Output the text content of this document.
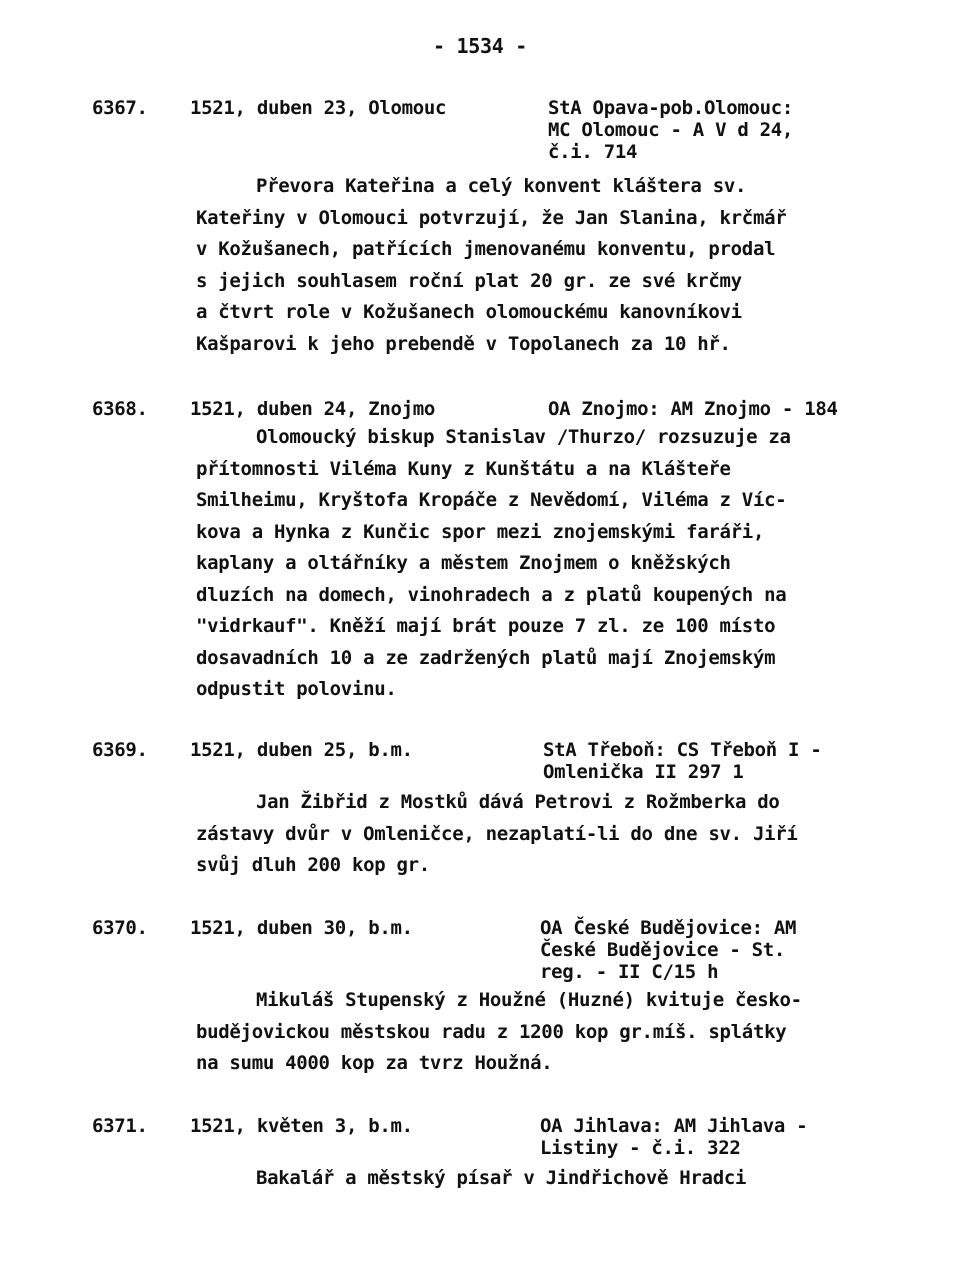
- 1534 -
6367. 1521, duben 23, Olomouc	StA Opava-pob.Olomouc:
MC Olomouc - A V d 24,
č.i. 714
Převora Kateřina a celý konvent kláštera sv.
Kateřiny v Olomouci potvrzují, že Jan Slanina, krčmář
v Kožušanech, patřících jmenovanému konventu, prodal
s jejich souhlasem roční plat 20 gr. ze své krčmy
a čtvrt role v Kožušanech olomouckému kanovníkovi
Kašparovi k jeho prebendě v Topolanech za 10 hř.
6368. 1521, duben 24, Znojmo	OA Znojmo: AM Znojmo - 184
Olomoucký biskup Stanislav /Thurzo/ rozsuzuje za
přítomnosti Viléma Kuny z Kunštátu a na Klášteře
Smilheimu, Kryštofa Kropáče z Nevědomí, Viléma z Víc-
kova a Hynka z Kunčic spor mezi znojemskými faráři,
kaplany a oltářníky a městem Znojmem o kněžských
dluzích na domech, vinohradech a z platů koupených na
"vidrkauf". Kněží mají brát pouze 7 zl. ze 100 místo
dosavadních 10 a ze zadržených platů mají Znojemským
odpustit polovinu.
6369. 1521, duben 25, b.m.	StA Třeboň: CS Třeboň I -
Omlenička II 297 1
Jan Žibřid z Mostků dává Petrovi z Rožmberka do
zástavy dvůr v Omleničce, nezaplatí-li do dne sv. Jiří
svůj dluh 200 kop gr.
6370. 1521, duben 30, b.m.	OA České Budějovice: AM
České Budějovice - St.
reg. - II C/15 h
Mikuláš Stupenský z Houžné (Huzné) kvituje česko-
budějovickou městskou radu z 1200 kop gr.míš. splátky
na sumu 4000 kop za tvrz Houžná.
6371. 1521, květen 3, b.m.	OA Jihlava: AM Jihlava -
Listiny - č.i. 322
Bakalář a městský písař v Jindřichově Hradci
